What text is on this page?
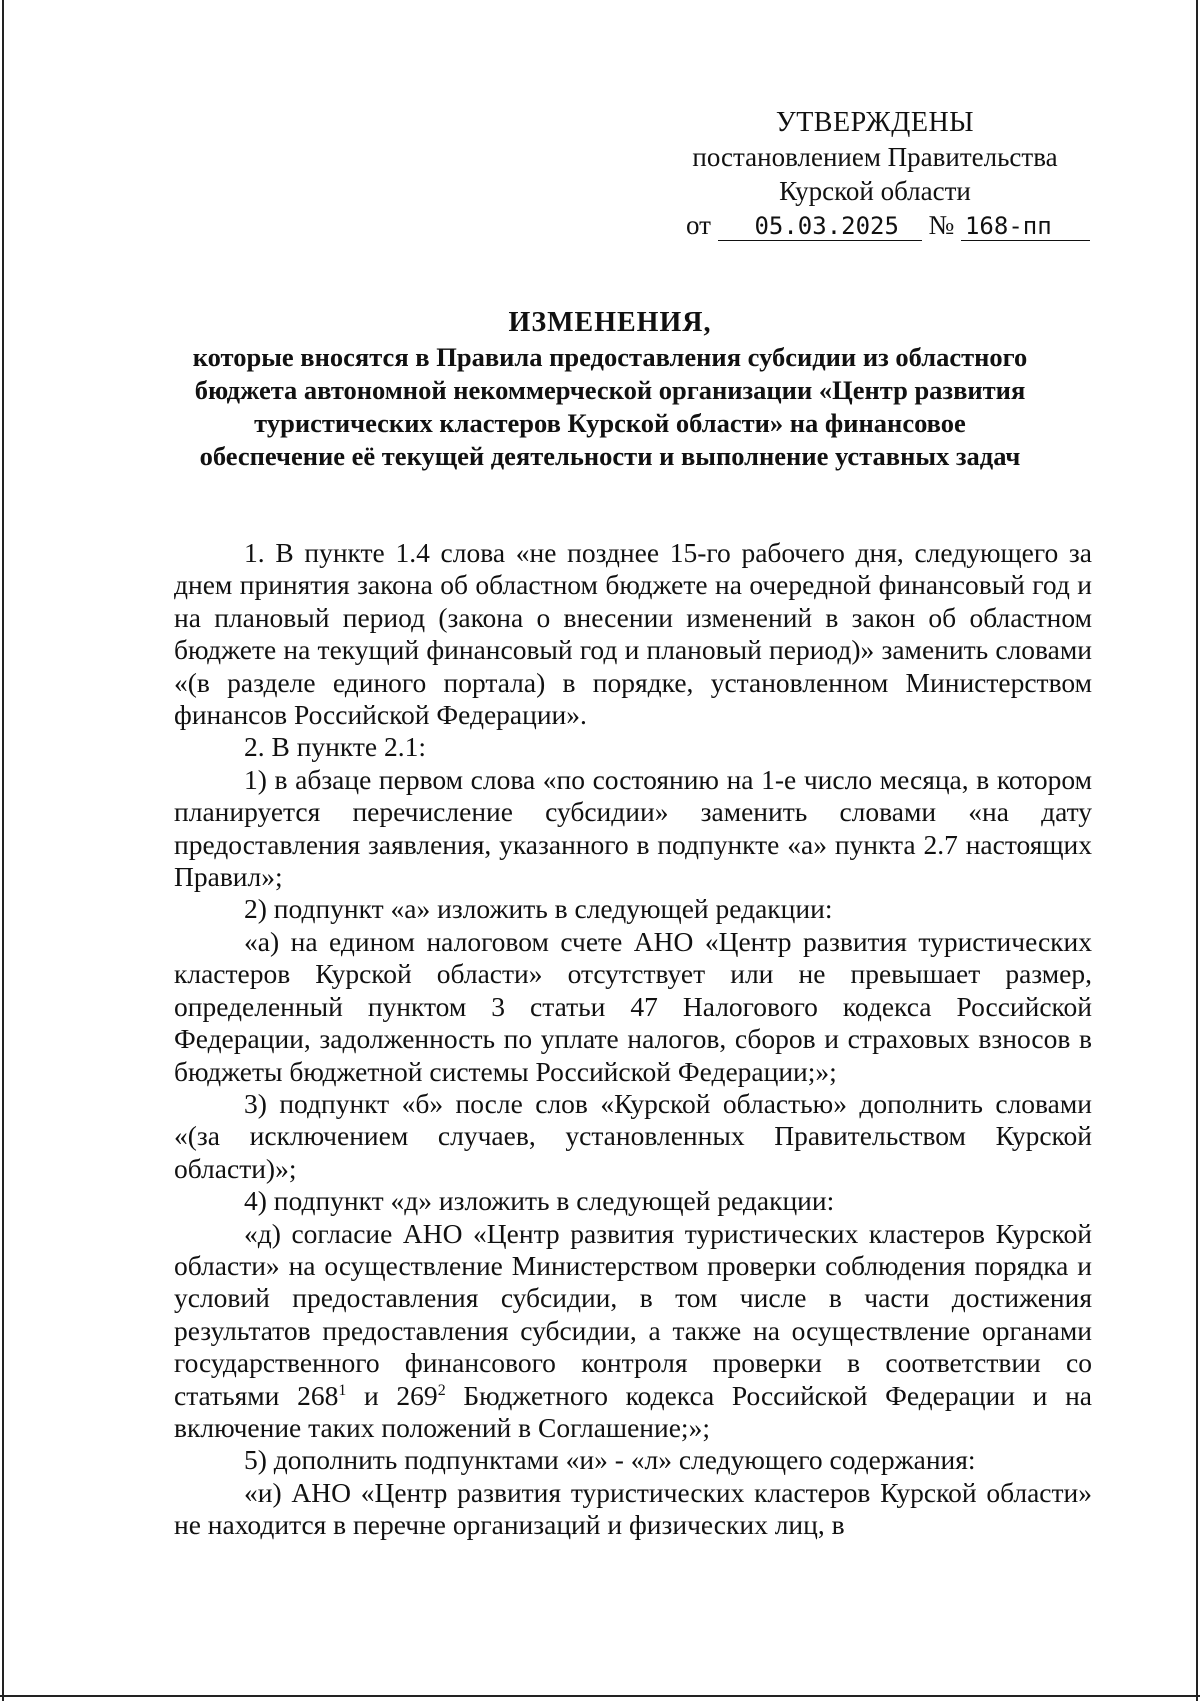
УТВЕРЖДЕНЫ
постановлением Правительства
Курской области
от 05.03.2025 № 168-пп
ИЗМЕНЕНИЯ,
которые вносятся в Правила предоставления субсидии из областного
бюджета автономной некоммерческой организации «Центр развития
туристических кластеров Курской области» на финансовое
обеспечение её текущей деятельности и выполнение уставных задач

1. В пункте 1.4 слова «не позднее 15-го рабочего дня, следующего за днем принятия закона об областном бюджете на очередной финансовый год и на плановый период (закона о внесении изменений в закон об областном бюджете на текущий финансовый год и плановый период)» заменить словами «(в разделе единого портала) в порядке, установленном Министерством финансов Российской Федерации».

2. В пункте 2.1:

1) в абзаце первом слова «по состоянию на 1-е число месяца, в котором планируется перечисление субсидии» заменить словами «на дату предоставления заявления, указанного в подпункте «а» пункта 2.7 настоящих Правил»;

2) подпункт «а» изложить в следующей редакции:

«а) на едином налоговом счете АНО «Центр развития туристических кластеров Курской области» отсутствует или не превышает размер, определенный пунктом 3 статьи 47 Налогового кодекса Российской Федерации, задолженность по уплате налогов, сборов и страховых взносов в бюджеты бюджетной системы Российской Федерации;»;

3) подпункт «б» после слов «Курской областью» дополнить словами «(за исключением случаев, установленных Правительством Курской области)»;

4) подпункт «д» изложить в следующей редакции:

«д) согласие АНО «Центр развития туристических кластеров Курской области» на осуществление Министерством проверки соблюдения порядка и условий предоставления субсидии, в том числе в части достижения результатов предоставления субсидии, а также на осуществление органами государственного финансового контроля проверки в соответствии со статьями $268^1$ и $269^2$ Бюджетного кодекса Российской Федерации и на включение таких положений в Соглашение;»;

5) дополнить подпунктами «и» - «л» следующего содержания:

«и) АНО «Центр развития туристических кластеров Курской области» не находится в перечне организаций и физических лиц, в
